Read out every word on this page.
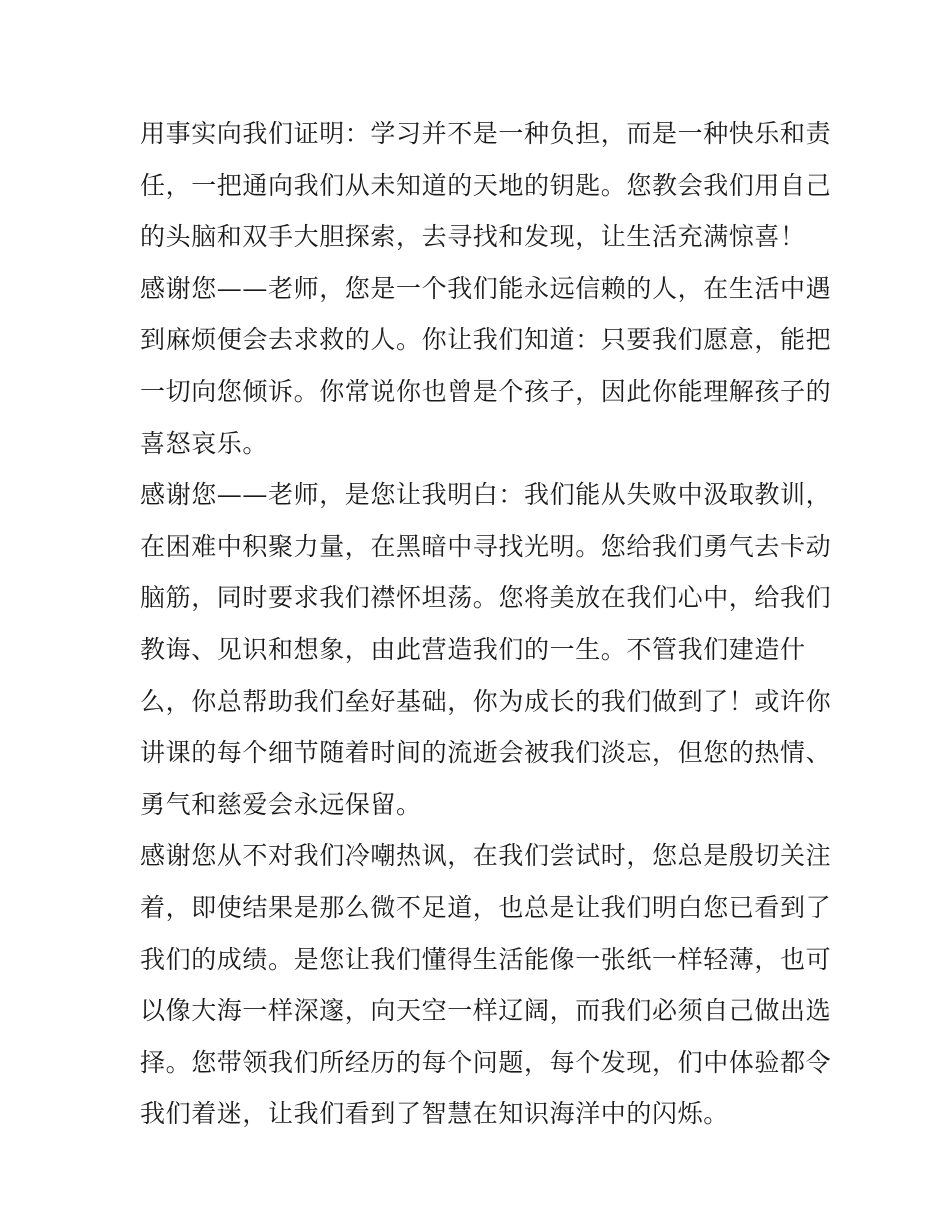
用事实向我们证明：学习并不是一种负担，而是一种快乐和责
任，一把通向我们从未知道的天地的钥匙。您教会我们用自己
的头脑和双手大胆探索，去寻找和发现，让生活充满惊喜！
感谢您——老师，您是一个我们能永远信赖的人，在生活中遇
到麻烦便会去求救的人。你让我们知道：只要我们愿意，能把
一切向您倾诉。你常说你也曾是个孩子，因此你能理解孩子的
喜怒哀乐。
感谢您——老师，是您让我明白：我们能从失败中汲取教训，
在困难中积聚力量，在黑暗中寻找光明。您给我们勇气去卡动
脑筋，同时要求我们襟怀坦荡。您将美放在我们心中，给我们
教诲、见识和想象，由此营造我们的一生。不管我们建造什
么，你总帮助我们垒好基础，你为成长的我们做到了！或许你
讲课的每个细节随着时间的流逝会被我们淡忘，但您的热情、
勇气和慈爱会永远保留。
感谢您从不对我们冷嘲热讽，在我们尝试时，您总是殷切关注
着，即使结果是那么微不足道，也总是让我们明白您已看到了
我们的成绩。是您让我们懂得生活能像一张纸一样轻薄，也可
以像大海一样深邃，向天空一样辽阔，而我们必须自己做出选
择。您带领我们所经历的每个问题，每个发现，们中体验都令
我们着迷，让我们看到了智慧在知识海洋中的闪烁。
